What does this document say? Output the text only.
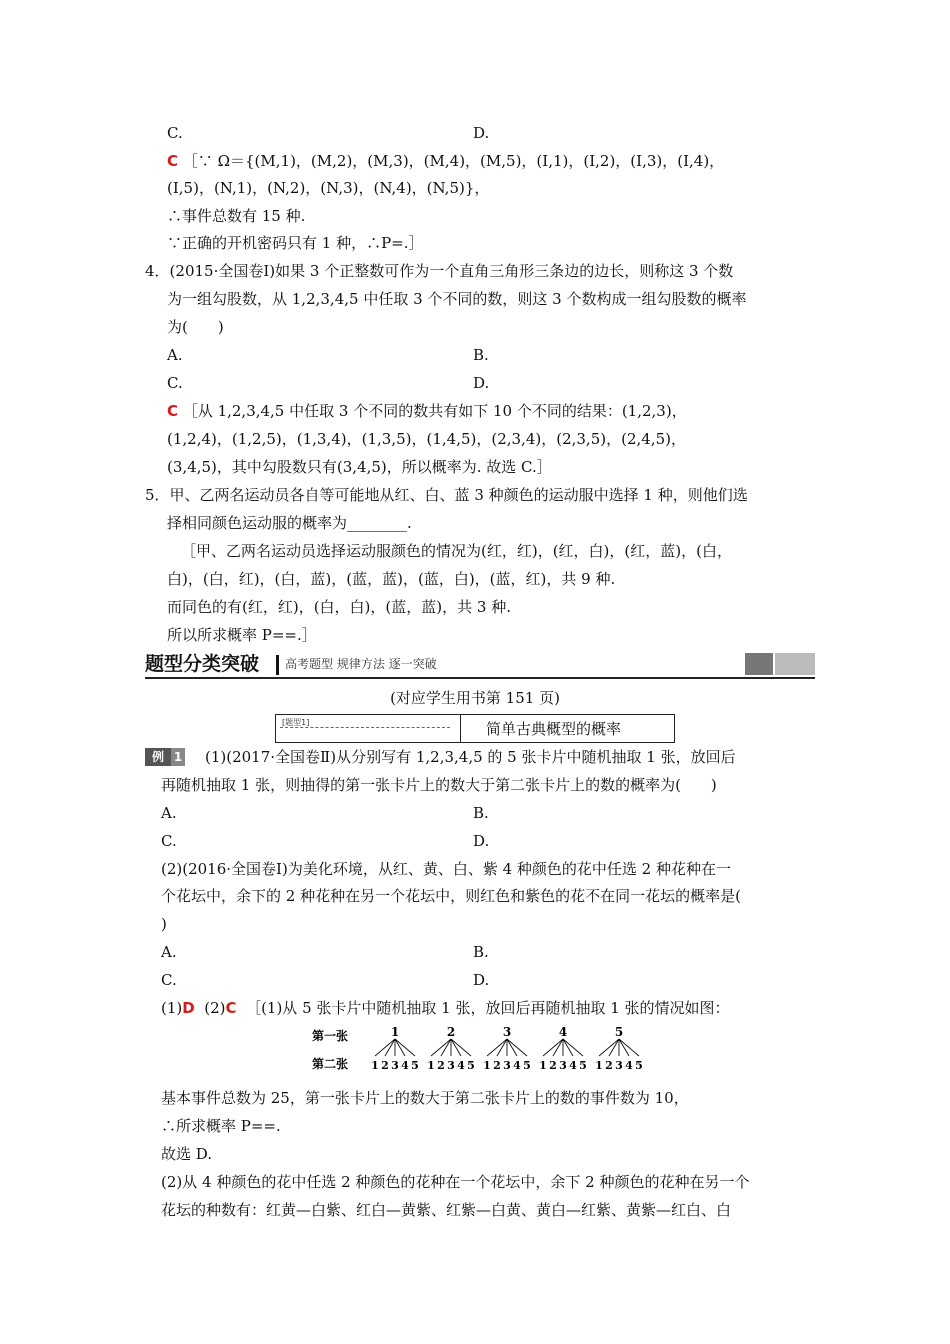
C.	D.
C ［∵ Ω＝{(M,1)，(M,2)，(M,3)，(M,4)，(M,5)，(I,1)，(I,2)，(I,3)，(I,4)，
(I,5)，(N,1)，(N,2)，(N,3)，(N,4)，(N,5)}，
∴事件总数有 15 种.
∵正确的开机密码只有 1 种，∴P=.］
4．(2015·全国卷Ⅰ)如果 3 个正整数可作为一个直角三角形三条边的边长，则称这 3 个数
为一组勾股数，从 1,2,3,4,5 中任取 3 个不同的数，则这 3 个数构成一组勾股数的概率
为(　　)
A.	B.
C.	D.
C ［从 1,2,3,4,5 中任取 3 个不同的数共有如下 10 个不同的结果：(1,2,3)，
(1,2,4)，(1,2,5)，(1,3,4)，(1,3,5)，(1,4,5)，(2,3,4)，(2,3,5)，(2,4,5)，
(3,4,5)，其中勾股数只有(3,4,5)，所以概率为. 故选 C.］
5．甲、乙两名运动员各自等可能地从红、白、蓝 3 种颜色的运动服中选择 1 种，则他们选
择相同颜色运动服的概率为________.
［甲、乙两名运动员选择运动服颜色的情况为(红，红)，(红，白)，(红，蓝)，(白，
白)，(白，红)，(白，蓝)，(蓝，蓝)，(蓝，白)，(蓝，红)，共 9 种.
而同色的有(红，红)，(白，白)，(蓝，蓝)，共 3 种.
所以所求概率 P==.］
题型分类突破 高考题型 规律方法 逐一突破
(对应学生用书第 151 页)
[题型1]	简单古典概型的概率
例 1 (1)(2017·全国卷Ⅱ)从分别写有 1,2,3,4,5 的 5 张卡片中随机抽取 1 张，放回后
再随机抽取 1 张，则抽得的第一张卡片上的数大于第二张卡片上的数的概率为(　　)
A.	B.
C.	D.
(2)(2016·全国卷Ⅰ)为美化环境，从红、黄、白、紫 4 种颜色的花中任选 2 种花种在一
个花坛中，余下的 2 种花种在另一个花坛中，则红色和紫色的花不在同一花坛的概率是(
)
A.	B.
C.	D.
(1)D (2)C ［(1)从 5 张卡片中随机抽取 1 张，放回后再随机抽取 1 张的情况如图：
第一张
第二张
1
1 2 3 4 5
2
1 2 3 4 5
3
1 2 3 4 5
4
1 2 3 4 5
5
1 2 3 4 5
基本事件总数为 25，第一张卡片上的数大于第二张卡片上的数的事件数为 10，
∴所求概率 P==.
故选 D.
(2)从 4 种颜色的花中任选 2 种颜色的花种在一个花坛中，余下 2 种颜色的花种在另一个
花坛的种数有：红黄—白紫、红白—黄紫、红紫—白黄、黄白—红紫、黄紫—红白、白
